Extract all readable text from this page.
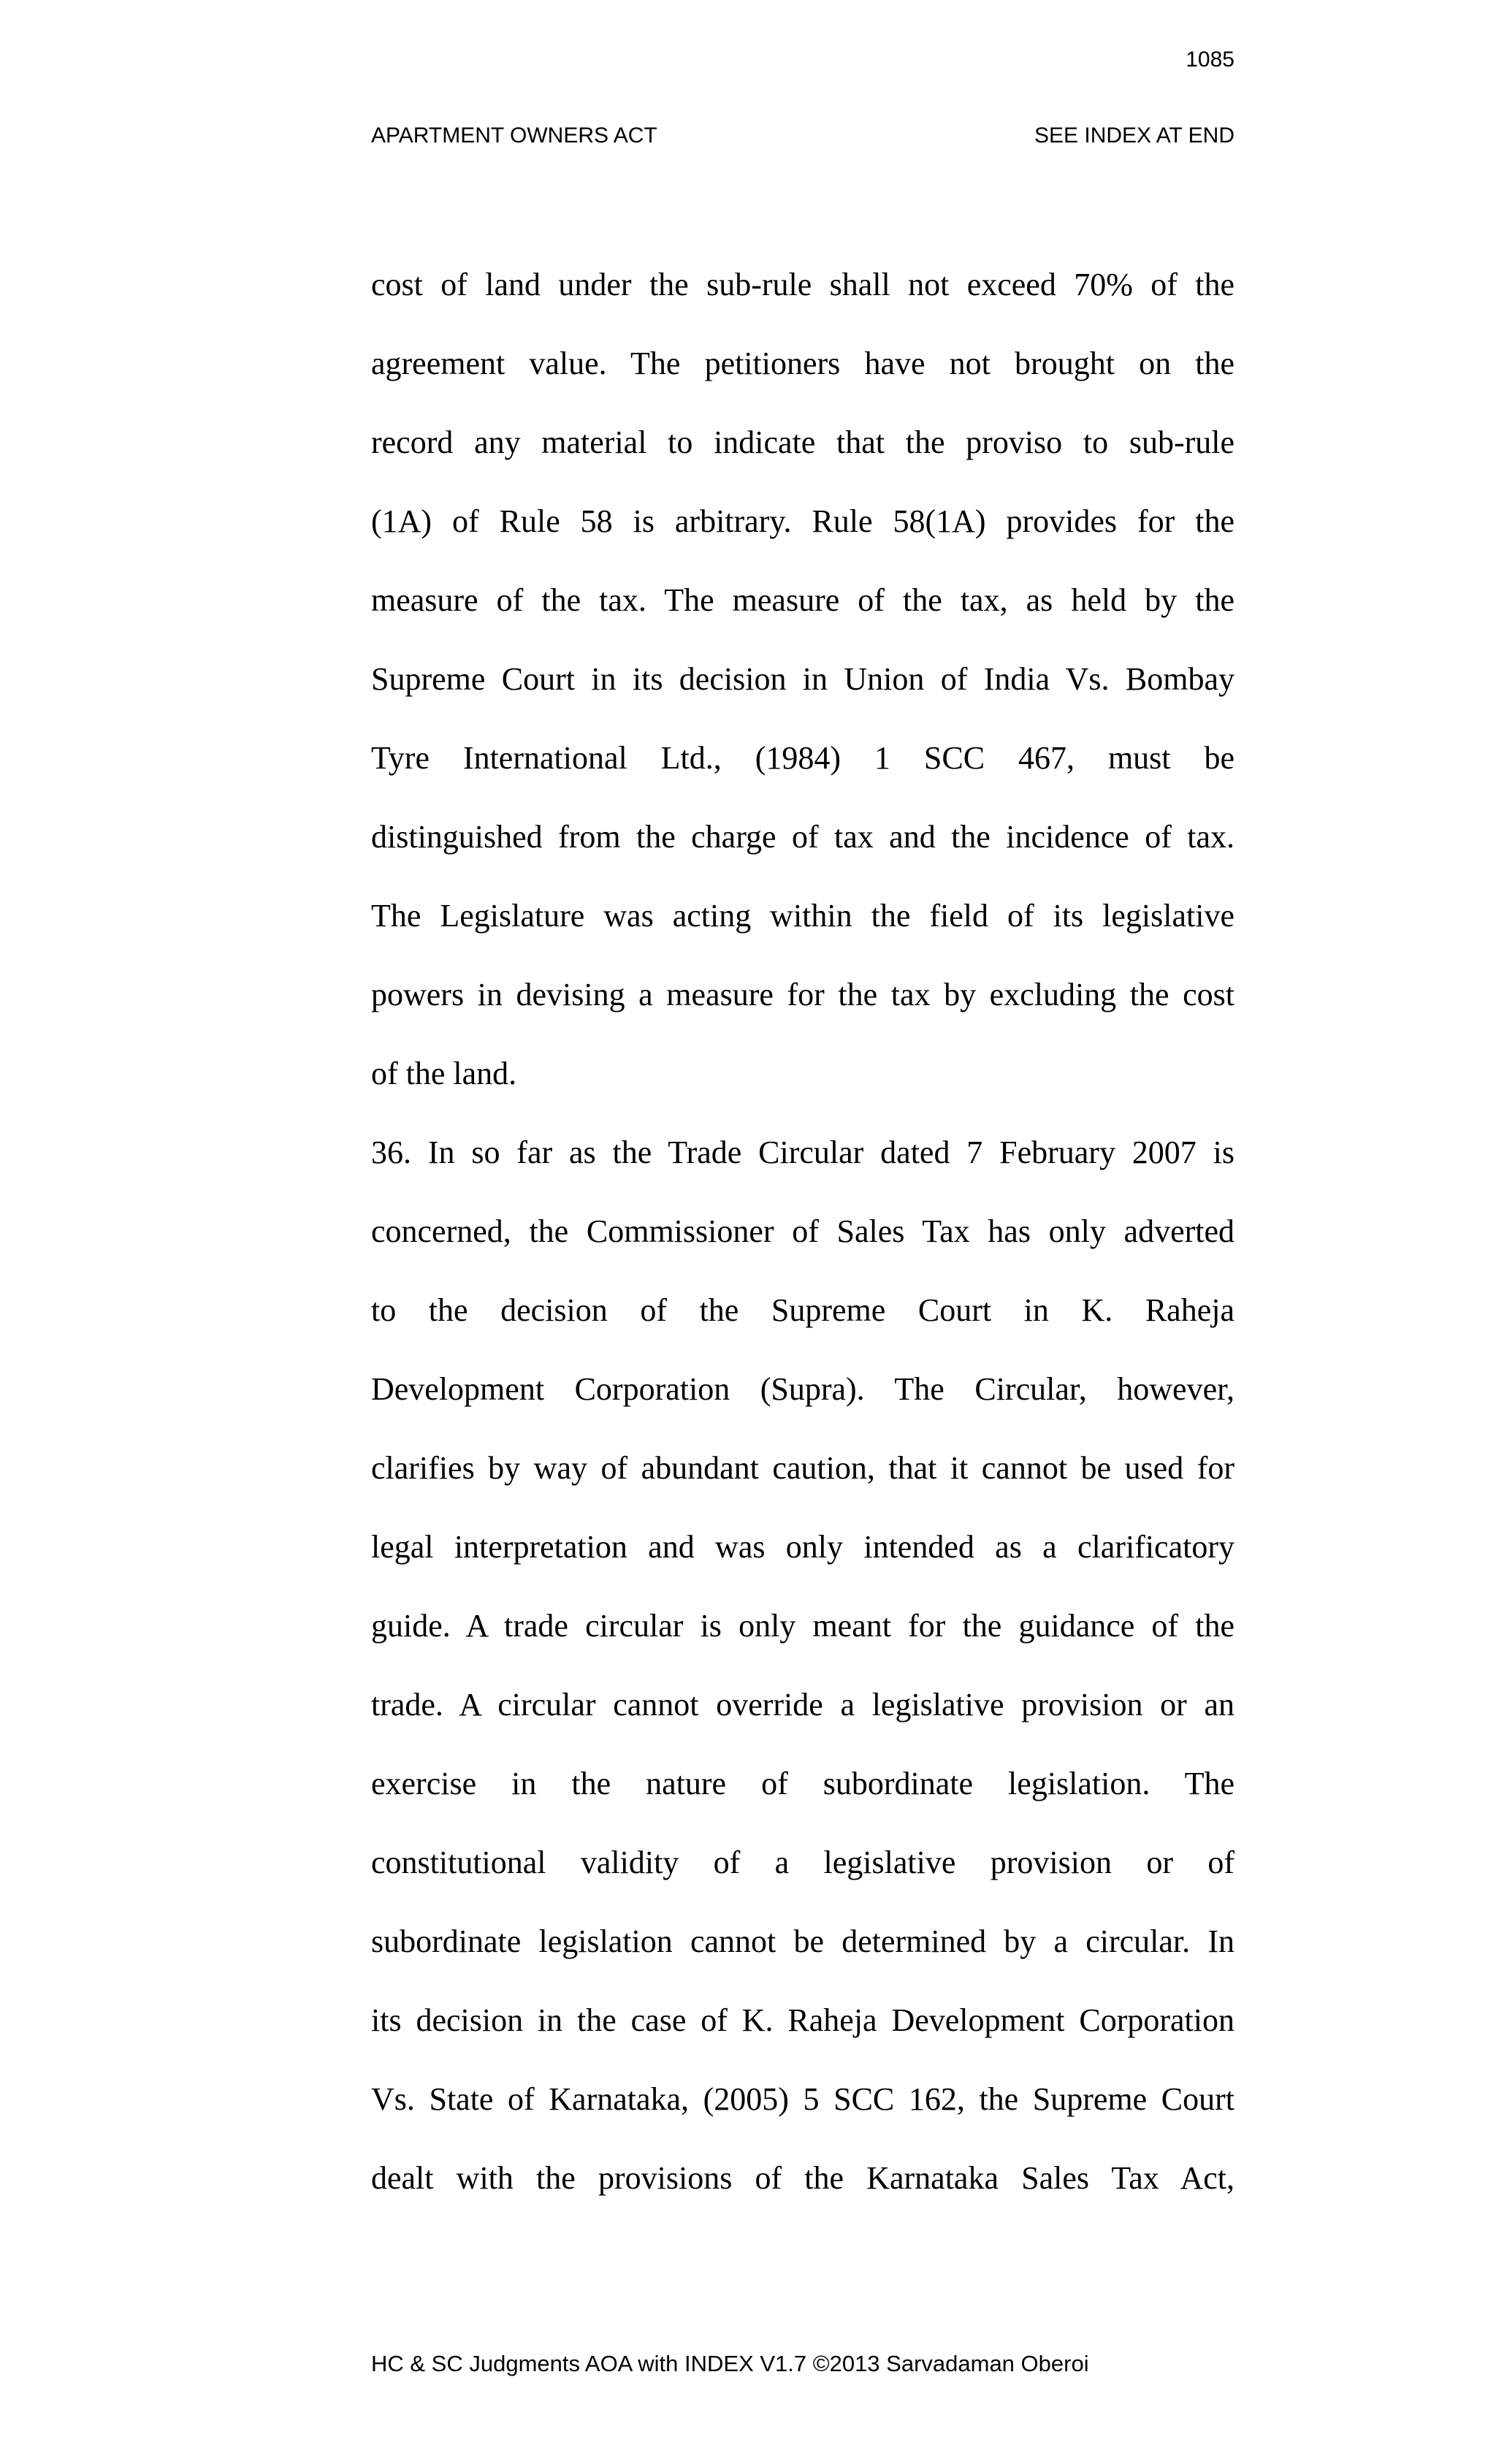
1085
APARTMENT OWNERS ACT	SEE INDEX AT END
cost of land under the sub-rule shall not exceed 70% of the
agreement value. The petitioners have not brought on the
record any material to indicate that the proviso to sub-rule
(1A) of Rule 58 is arbitrary. Rule 58(1A) provides for the
measure of the tax. The measure of the tax, as held by the
Supreme Court in its decision in Union of India Vs. Bombay
Tyre International Ltd., (1984) 1 SCC 467, must be
distinguished from the charge of tax and the incidence of tax.
The Legislature was acting within the field of its legislative
powers in devising a measure for the tax by excluding the cost
of the land.
36. In so far as the Trade Circular dated 7 February 2007 is
concerned, the Commissioner of Sales Tax has only adverted
to the decision of the Supreme Court in K. Raheja
Development Corporation (Supra). The Circular, however,
clarifies by way of abundant caution, that it cannot be used for
legal interpretation and was only intended as a clarificatory
guide. A trade circular is only meant for the guidance of the
trade. A circular cannot override a legislative provision or an
exercise in the nature of subordinate legislation. The
constitutional validity of a legislative provision or of
subordinate legislation cannot be determined by a circular. In
its decision in the case of K. Raheja Development Corporation
Vs. State of Karnataka, (2005) 5 SCC 162, the Supreme Court
dealt with the provisions of the Karnataka Sales Tax Act,
HC & SC Judgments AOA with INDEX V1.7 ©2013 Sarvadaman Oberoi
